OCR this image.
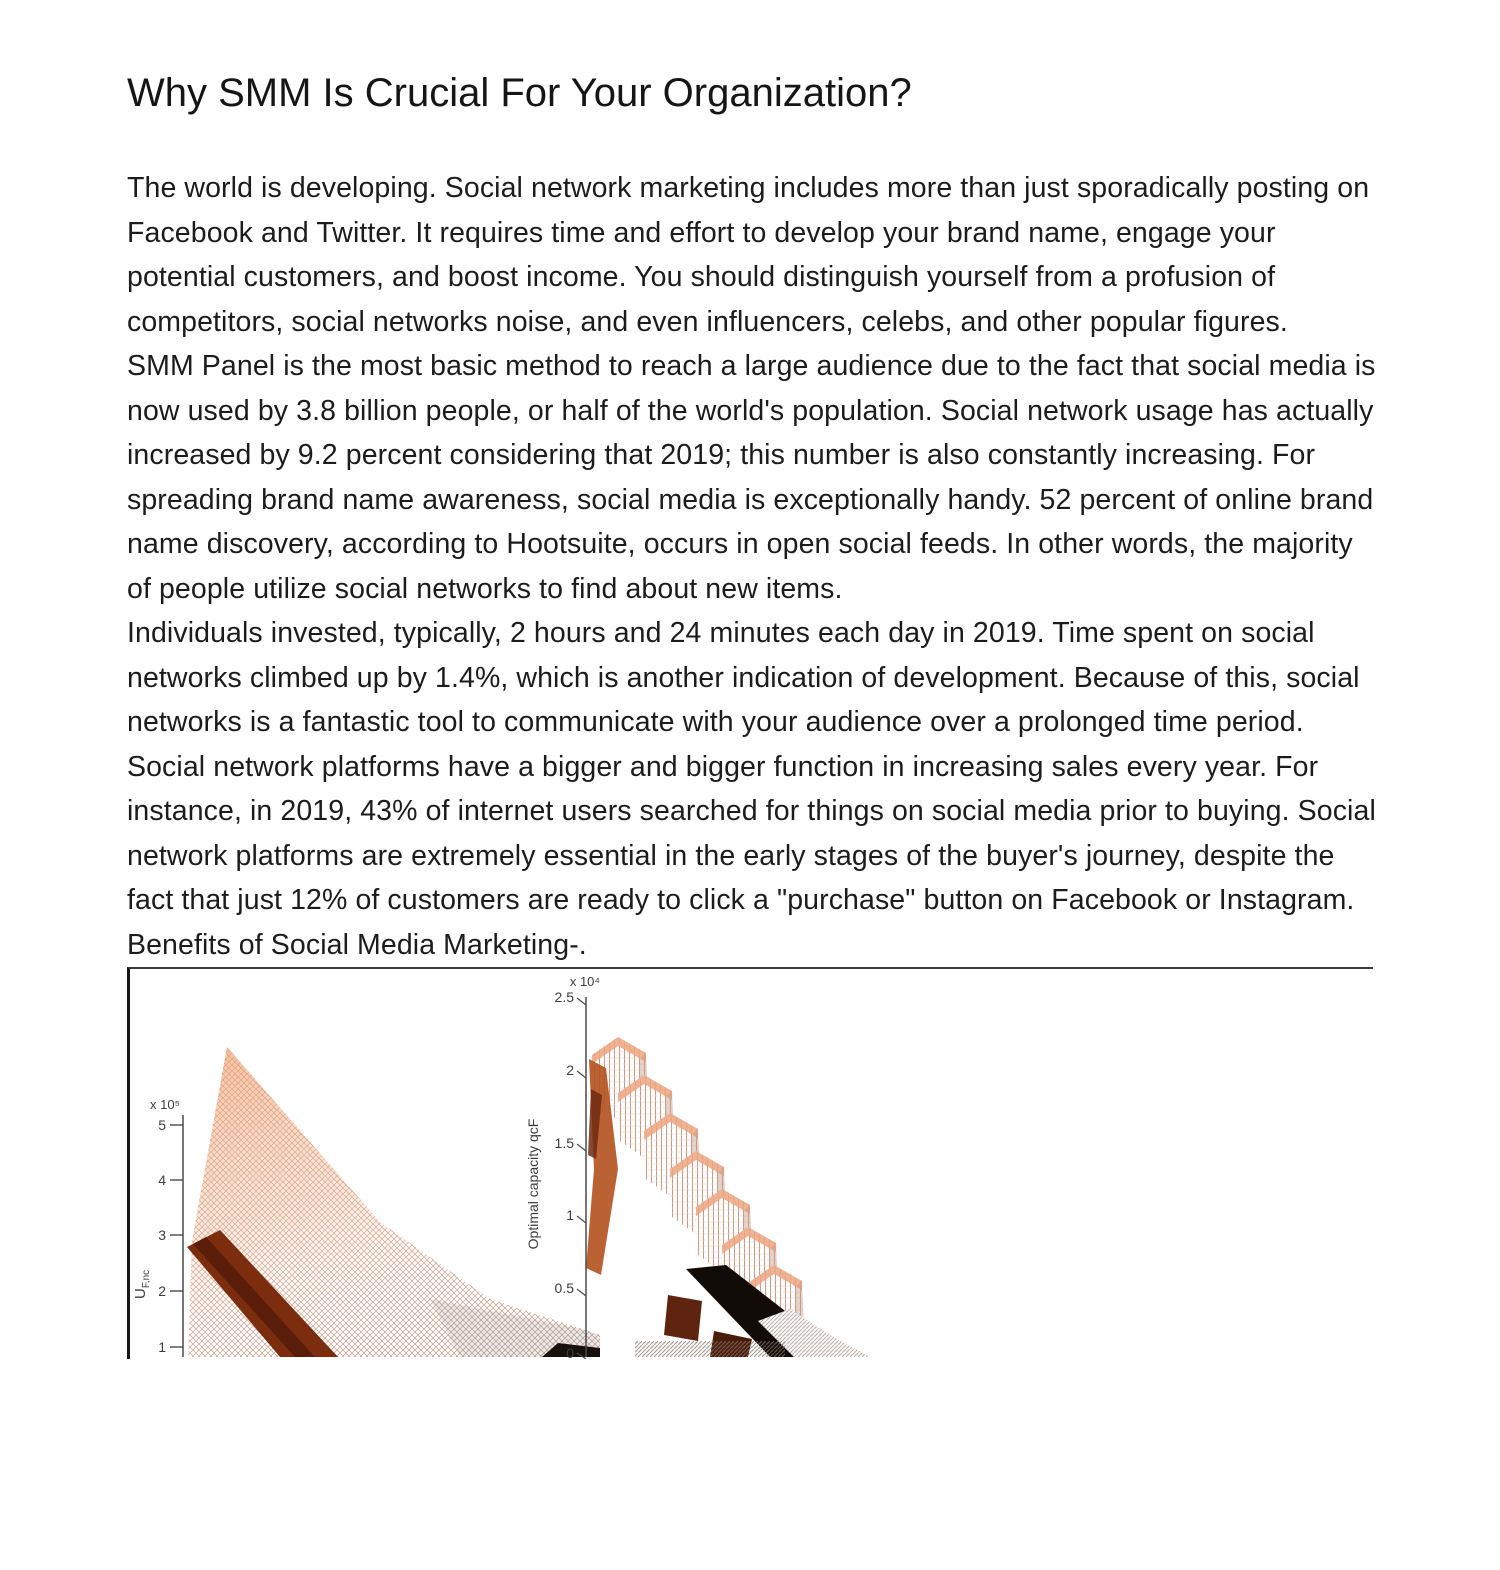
Why SMM Is Crucial For Your Organization?

The world is developing. Social network marketing includes more than just sporadically posting on Facebook and Twitter. It requires time and effort to develop your brand name, engage your potential customers, and boost income. You should distinguish yourself from a profusion of competitors, social networks noise, and even influencers, celebs, and other popular figures.

SMM Panel is the most basic method to reach a large audience due to the fact that social media is now used by 3.8 billion people, or half of the world's population. Social network usage has actually increased by 9.2 percent considering that 2019; this number is also constantly increasing. For spreading brand name awareness, social media is exceptionally handy. 52 percent of online brand name discovery, according to Hootsuite, occurs in open social feeds. In other words, the majority of people utilize social networks to find about new items.

Individuals invested, typically, 2 hours and 24 minutes each day in 2019. Time spent on social networks climbed up by 1.4%, which is another indication of development. Because of this, social networks is a fantastic tool to communicate with your audience over a prolonged time period. Social network platforms have a bigger and bigger function in increasing sales every year. For instance, in 2019, 43% of internet users searched for things on social media prior to buying. Social network platforms are extremely essential in the early stages of the buyer's journey, despite the fact that just 12% of customers are ready to click a "purchase" button on Facebook or Instagram.

Benefits of Social Media Marketing-.

x 10⁵
5
4
3
2
1
$U_{F,nc}$
x 10⁴
2.5
2
1.5
1
0.5
0
Optimal capacity qcF
